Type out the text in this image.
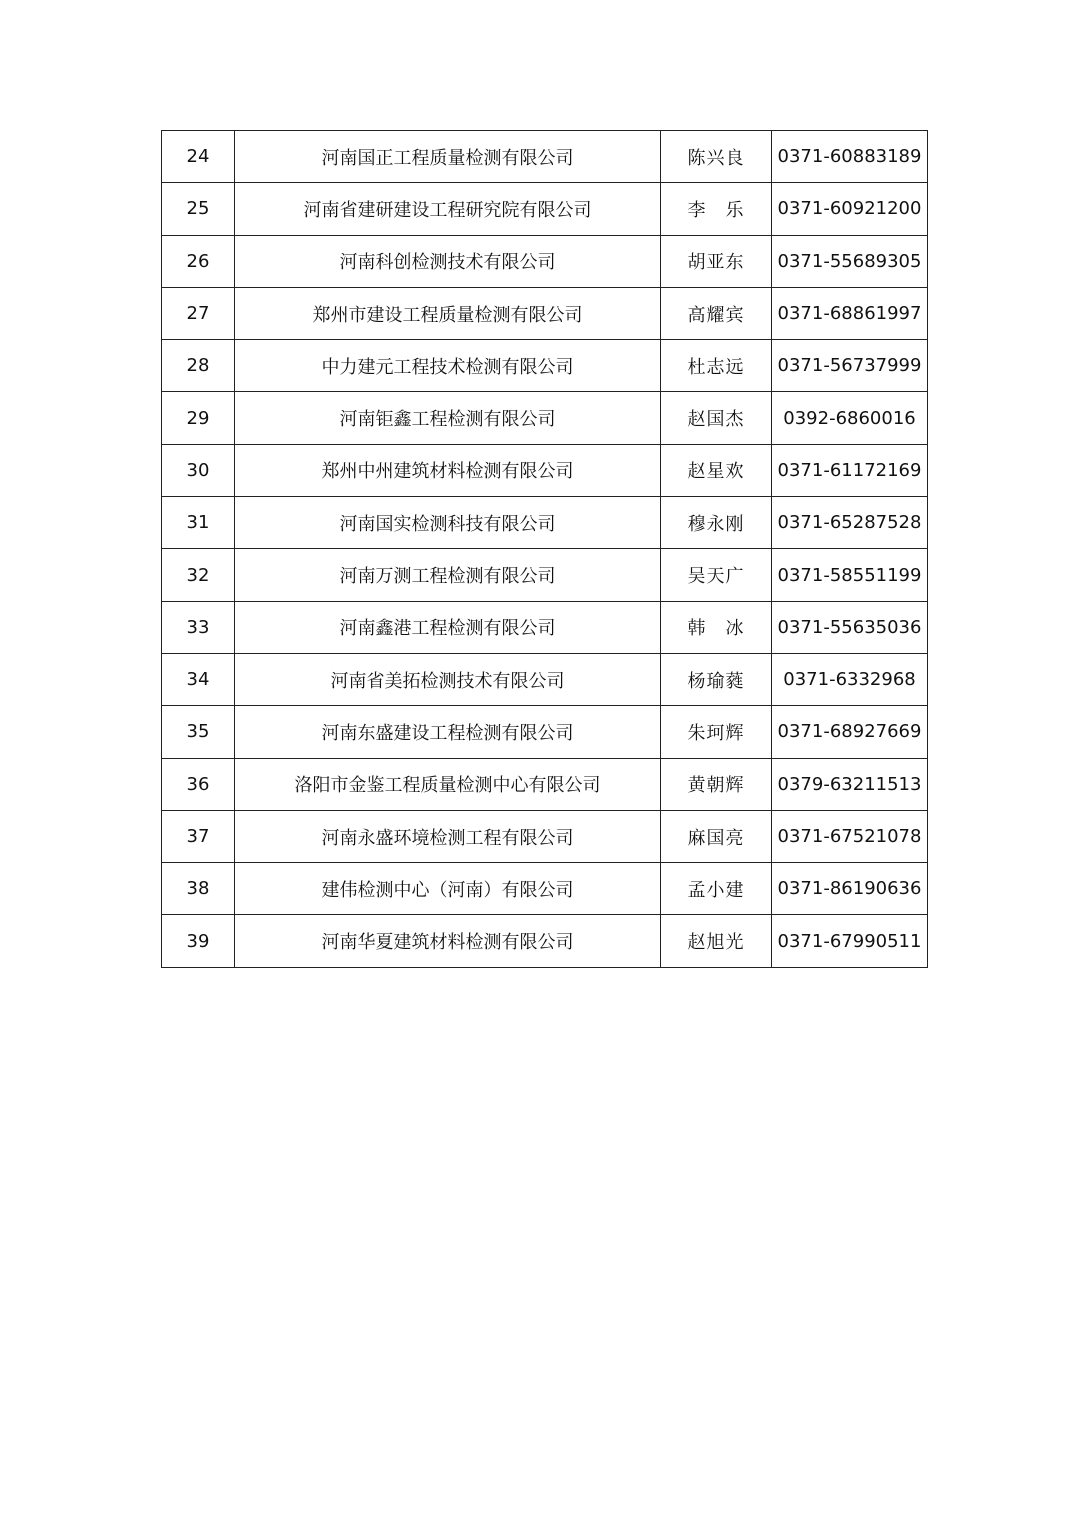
24	河南国正工程质量检测有限公司	陈兴良	0371-60883189
25	河南省建研建设工程研究院有限公司	李　乐	0371-60921200
26	河南科创检测技术有限公司	胡亚东	0371-55689305
27	郑州市建设工程质量检测有限公司	高耀宾	0371-68861997
28	中力建元工程技术检测有限公司	杜志远	0371-56737999
29	河南钜鑫工程检测有限公司	赵国杰	0392-6860016
30	郑州中州建筑材料检测有限公司	赵星欢	0371-61172169
31	河南国实检测科技有限公司	穆永刚	0371-65287528
32	河南万测工程检测有限公司	吴天广	0371-58551199
33	河南鑫港工程检测有限公司	韩　冰	0371-55635036
34	河南省美拓检测技术有限公司	杨瑜蕤	0371-6332968
35	河南东盛建设工程检测有限公司	朱珂辉	0371-68927669
36	洛阳市金鉴工程质量检测中心有限公司	黄朝辉	0379-63211513
37	河南永盛环境检测工程有限公司	麻国亮	0371-67521078
38	建伟检测中心（河南）有限公司	孟小建	0371-86190636
39	河南华夏建筑材料检测有限公司	赵旭光	0371-67990511
